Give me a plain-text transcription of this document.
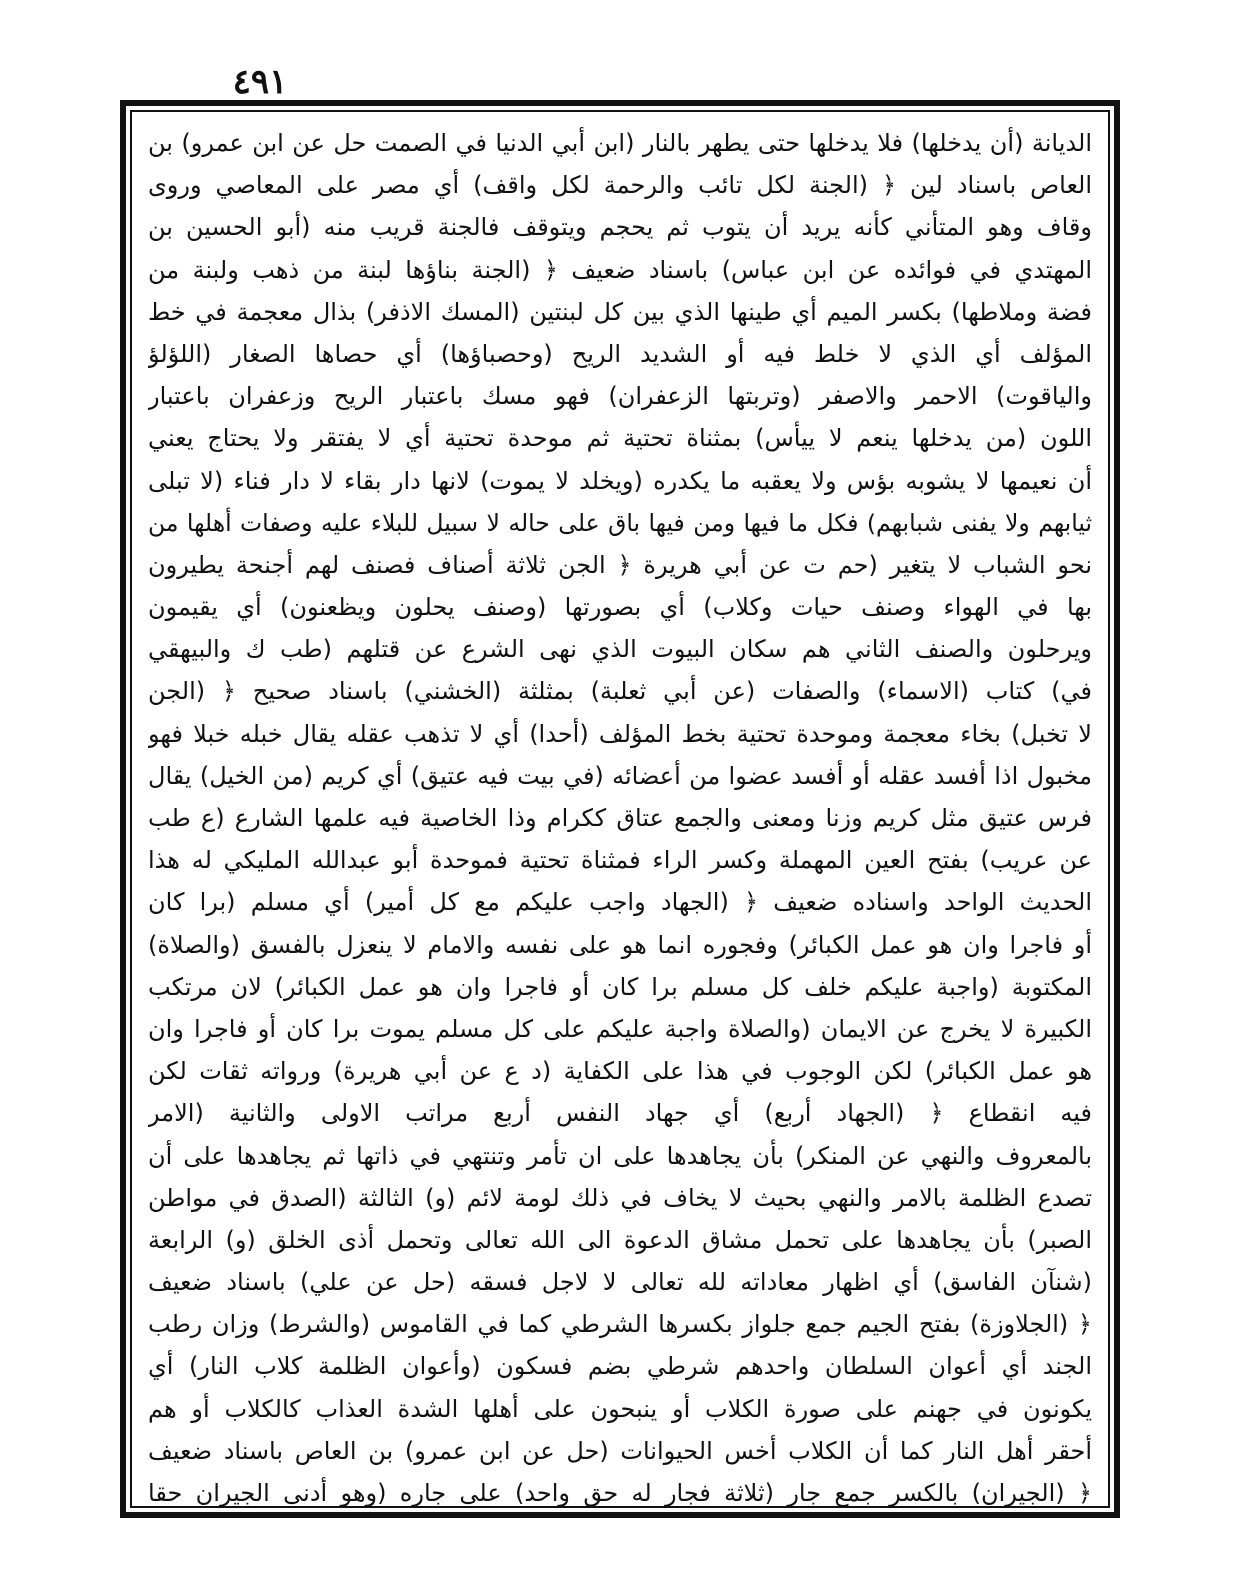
٤٩١
الديانة (أن يدخلها) فلا يدخلها حتى يطهر بالنار (ابن أبي الدنيا في الصمت حل عن ابن عمرو) بن
العاص باسناد لين ﴿ (الجنة لكل تائب والرحمة لكل واقف) أي مصر على المعاصي وروى
وقاف وهو المتأني كأنه يريد أن يتوب ثم يحجم ويتوقف فالجنة قريب منه (أبو الحسين بن
المهتدي في فوائده عن ابن عباس) باسناد ضعيف ﴿ (الجنة بناؤها لبنة من ذهب ولبنة من
فضة وملاطها) بكسر الميم أي طينها الذي بين كل لبنتين (المسك الاذفر) بذال معجمة في خط
المؤلف أي الذي لا خلط فيه أو الشديد الريح (وحصباؤها) أي حصاها الصغار (اللؤلؤ
والياقوت) الاحمر والاصفر (وتربتها الزعفران) فهو مسك باعتبار الريح وزعفران باعتبار
اللون (من يدخلها ينعم لا ييأس) بمثناة تحتية ثم موحدة تحتية أي لا يفتقر ولا يحتاج يعني
أن نعيمها لا يشوبه بؤس ولا يعقبه ما يكدره (ويخلد لا يموت) لانها دار بقاء لا دار فناء (لا تبلى
ثيابهم ولا يفنى شبابهم) فكل ما فيها ومن فيها باق على حاله لا سبيل للبلاء عليه وصفات أهلها من
نحو الشباب لا يتغير (حم ت عن أبي هريرة ﴿ الجن ثلاثة أصناف فصنف لهم أجنحة يطيرون
بها في الهواء وصنف حيات وكلاب) أي بصورتها (وصنف يحلون ويظعنون) أي يقيمون
ويرحلون والصنف الثاني هم سكان البيوت الذي نهى الشرع عن قتلهم (طب ك والبيهقي
في) كتاب (الاسماء) والصفات (عن أبي ثعلبة) بمثلثة (الخشني) باسناد صحيح ﴿ (الجن
لا تخبل) بخاء معجمة وموحدة تحتية بخط المؤلف (أحدا) أي لا تذهب عقله يقال خبله خبلا فهو
مخبول اذا أفسد عقله أو أفسد عضوا من أعضائه (في بيت فيه عتيق) أي كريم (من الخيل) يقال
فرس عتيق مثل كريم وزنا ومعنى والجمع عتاق ككرام وذا الخاصية فيه علمها الشارع (ع طب
عن عريب) بفتح العين المهملة وكسر الراء فمثناة تحتية فموحدة أبو عبدالله المليكي له هذا
الحديث الواحد واسناده ضعيف ﴿ (الجهاد واجب عليكم مع كل أمير) أي مسلم (برا كان
أو فاجرا وان هو عمل الكبائر) وفجوره انما هو على نفسه والامام لا ينعزل بالفسق (والصلاة)
المكتوبة (واجبة عليكم خلف كل مسلم برا كان أو فاجرا وان هو عمل الكبائر) لان مرتكب
الكبيرة لا يخرج عن الايمان (والصلاة واجبة عليكم على كل مسلم يموت برا كان أو فاجرا وان
هو عمل الكبائر) لكن الوجوب في هذا على الكفاية (د ع عن أبي هريرة) ورواته ثقات لكن
فيه انقطاع ﴿ (الجهاد أربع) أي جهاد النفس أربع مراتب الاولى والثانية (الامر
بالمعروف والنهي عن المنكر) بأن يجاهدها على ان تأمر وتنتهي في ذاتها ثم يجاهدها على أن
تصدع الظلمة بالامر والنهي بحيث لا يخاف في ذلك لومة لائم (و) الثالثة (الصدق في مواطن
الصبر) بأن يجاهدها على تحمل مشاق الدعوة الى الله تعالى وتحمل أذى الخلق (و) الرابعة
(شنآن الفاسق) أي اظهار معاداته لله تعالى لا لاجل فسقه (حل عن علي) باسناد ضعيف
﴿ (الجلاوزة) بفتح الجيم جمع جلواز بكسرها الشرطي كما في القاموس (والشرط) وزان رطب
الجند أي أعوان السلطان واحدهم شرطي بضم فسكون (وأعوان الظلمة كلاب النار) أي
يكونون في جهنم على صورة الكلاب أو ينبحون على أهلها الشدة العذاب كالكلاب أو هم
أحقر أهل النار كما أن الكلاب أخس الحيوانات (حل عن ابن عمرو) بن العاص باسناد ضعيف
﴿ (الجيران) بالكسر جمع جار (ثلاثة فجار له حق واحد) على جاره (وهو أدنى الجيران حقا
